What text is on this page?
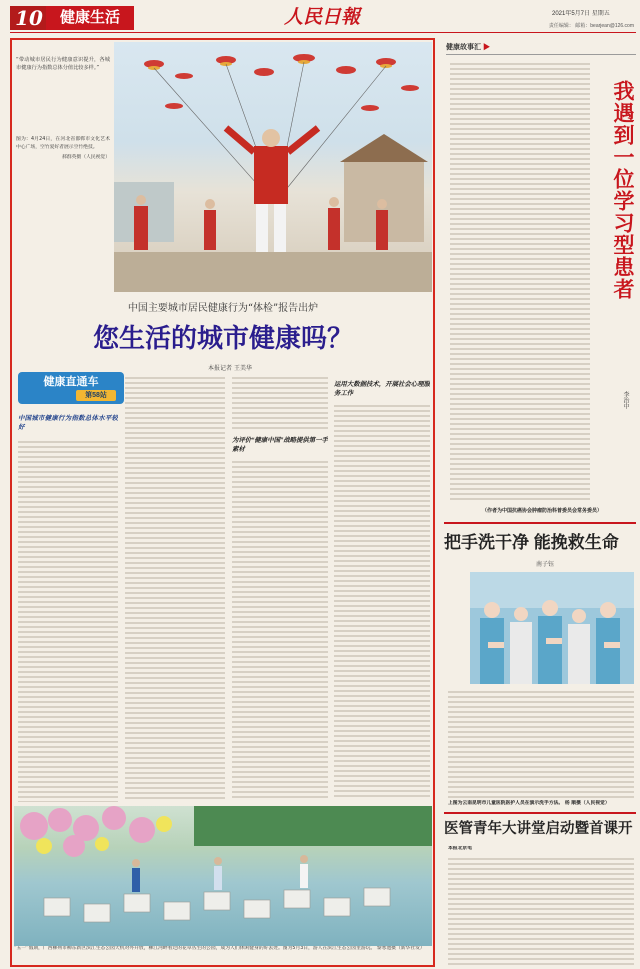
10	健康生活	人民日報	2021年5月7日 星期五
责任编辑： 邮箱：bearjean@126.com
“带动城市居民行为健康意识提升，各城市健康行为指数总体分值比较多样。”
图为：4月24日，在河北省邯郸市文化艺术中心广场，空竹爱好者展示空竹绝技。
郝群英摄（人民视觉）
中国主要城市居民健康行为“体检”报告出炉
您生活的城市健康吗？
本报记者 王美华
健康直通车
第58站
中国城市健康行为指数总体水平较好
为评价“健康中国”战略提供第一手素材
运用大数据技术，开展社会心理服务工作
“五一”假期，广西柳州市柳东新区滨江生态公园天机对外开放，柳江河畔看过的花草丛生的公园，成为人们休闲健身的好去处。图为5月3日，游人在滨江生态公园里游玩。 黎寒池摄（新华社发）
健康故事汇 ▶
我遇到一位学习型患者
李治中
（作者为中国抗癌协会肿瘤防治科普委员会常务委员）
把手洗干净 能挽救生命
南子钰
上图为云南昆明市儿童医院医护人员在演示洗手方法。 杨 顺摄（人民视觉）
医管青年大讲堂启动暨首课开
本报北京电
